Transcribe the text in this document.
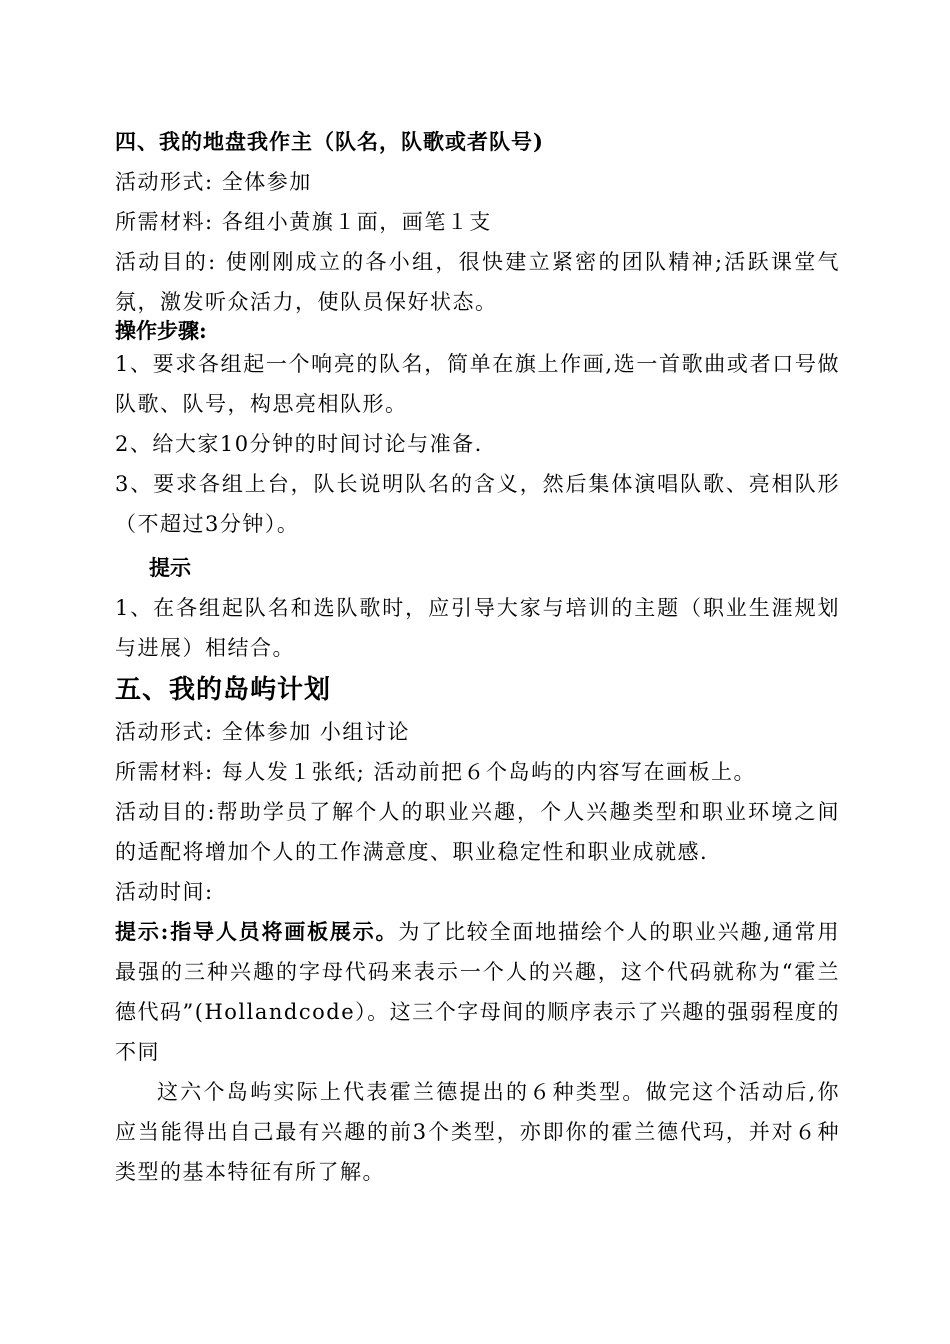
四、我的地盘我作主（队名，队歌或者队号)
活动形式: 全体参加
所需材料: 各组小黄旗１面，画笔１支
活动目的: 使刚刚成立的各小组，很快建立紧密的团队精神;活跃课堂气氛，激发听众活力，使队员保好状态。
操作步骤:
1、要求各组起一个响亮的队名，简单在旗上作画,选一首歌曲或者口号做队歌、队号，构思亮相队形。
2、给大家10分钟的时间讨论与准备.
3、要求各组上台，队长说明队名的含义，然后集体演唱队歌、亮相队形（不超过3分钟）。
提示
1、在各组起队名和选队歌时，应引导大家与培训的主题（职业生涯规划与进展）相结合。
五、我的岛屿计划
活动形式: 全体参加 小组讨论
所需材料: 每人发１张纸; 活动前把６个岛屿的内容写在画板上。
活动目的:帮助学员了解个人的职业兴趣，个人兴趣类型和职业环境之间的适配将增加个人的工作满意度、职业稳定性和职业成就感.
活动时间:
提示:指导人员将画板展示。为了比较全面地描绘个人的职业兴趣,通常用最强的三种兴趣的字母代码来表示一个人的兴趣，这个代码就称为“霍兰德代码”(Hollandcode）。这三个字母间的顺序表示了兴趣的强弱程度的不同
这六个岛屿实际上代表霍兰德提出的６种类型。做完这个活动后,你应当能得出自己最有兴趣的前3个类型，亦即你的霍兰德代玛，并对６种类型的基本特征有所了解。
